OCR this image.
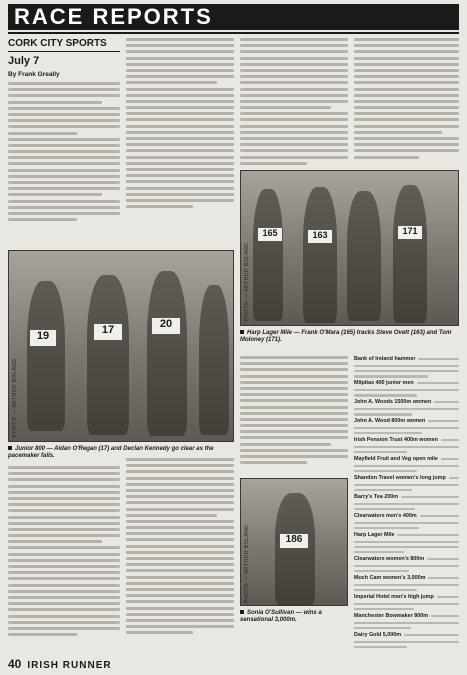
RACE REPORTS
CORK CITY SPORTS
July 7
By Frank Greally
19	17	20
PHOTO — ARTHUR BOLAND
Junior 800 — Aidan O'Regan (17) and Declan Kennedy go clear as the pacemaker falls.
165	163	171
PHOTO — ARTHUR BOLAND
Harp Lager Mile — Frank O'Mara (165) tracks Steve Ovett (163) and Tom Moloney (171).
186
PHOTO — ARTHUR BOLAND
Sonia O'Sullivan — wins a sensational 3,000m.
Bank of Ireland hammer
Milpitas 400 junior men
John A. Woods 1500m women
John A. Wood 800m women
Irish Pension Trust 400m women
Mayfield Fruit and Veg open mile
Shandon Travel women's long jump
Barry's Tea 200m
Clearwaters men's 400m
Harp Lager Mile
Clearwaters women's 800m
Much Cam women's 3,000m
Imperial Hotel men's high jump
Manchester Bowmaker 800m
Dairy Gold 5,000m
40 IRISH RUNNER
